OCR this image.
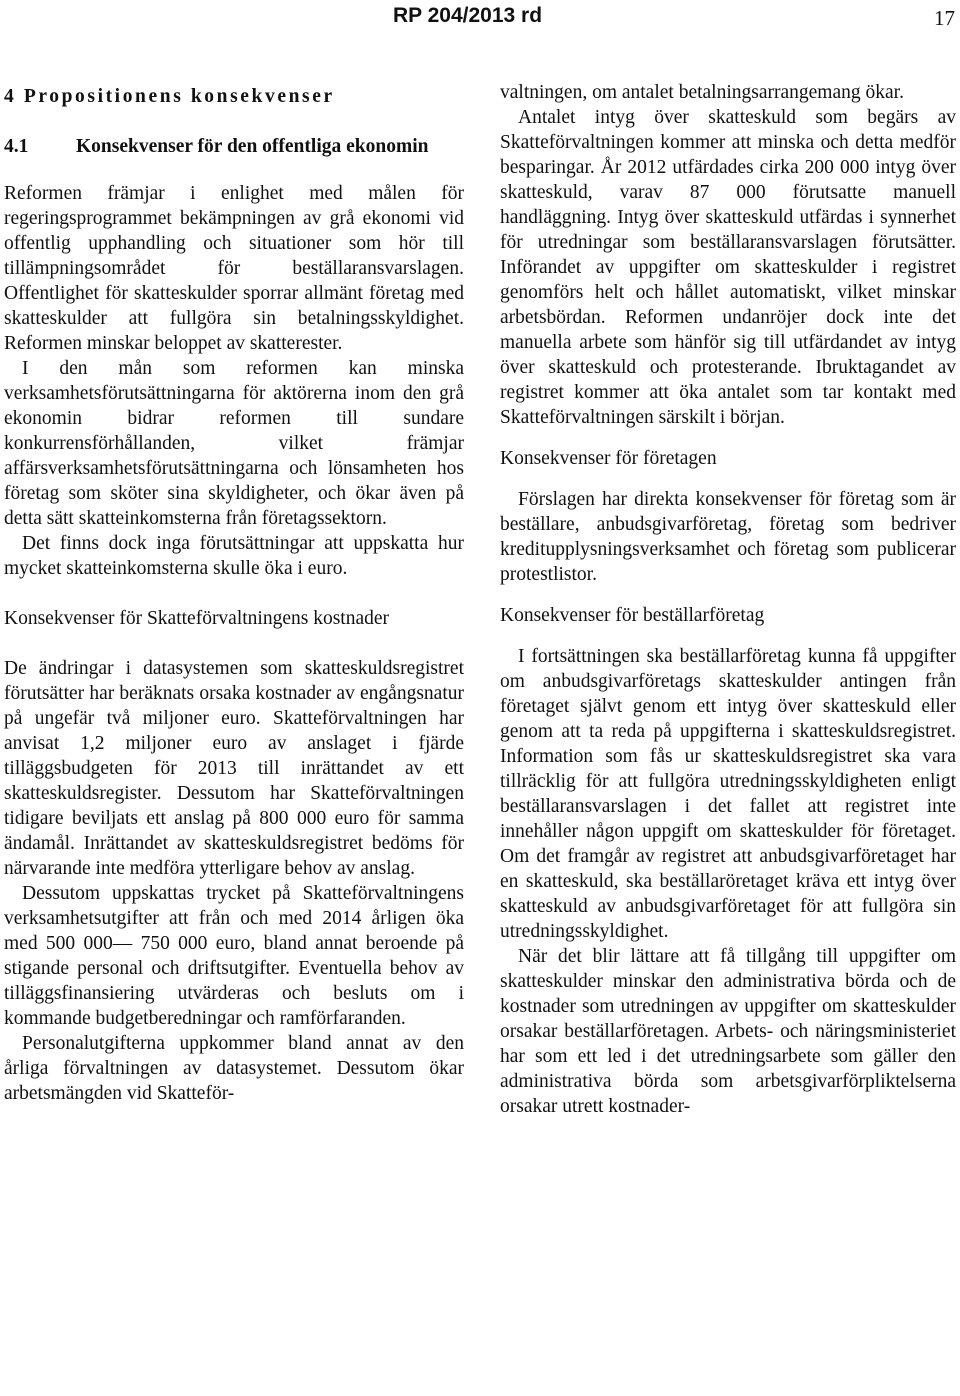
RP 204/2013 rd	17
4 Propositionens konsekvenser
4.1 Konsekvenser för den offentliga ekonomin

Reformen främjar i enlighet med målen för regeringsprogrammet bekämpningen av grå ekonomi vid offentlig upphandling och situationer som hör till tillämpningsområdet för beställaransvarslagen. Offentlighet för skatteskulder sporrar allmänt företag med skatteskulder att fullgöra sin betalningsskyldighet. Reformen minskar beloppet av skatterester.

I den mån som reformen kan minska verksamhetsförutsättningarna för aktörerna inom den grå ekonomin bidrar reformen till sundare konkurrensförhållanden, vilket främjar affärsverksamhetsförutsättningarna och lönsamheten hos företag som sköter sina skyldigheter, och ökar även på detta sätt skatteinkomsterna från företagssektorn.

Det finns dock inga förutsättningar att uppskatta hur mycket skatteinkomsterna skulle öka i euro.

Konsekvenser för Skatteförvaltningens kostnader

De ändringar i datasystemen som skatteskuldsregistret förutsätter har beräknats orsaka kostnader av engångsnatur på ungefär två miljoner euro. Skatteförvaltningen har anvisat 1,2 miljoner euro av anslaget i fjärde tilläggsbudgeten för 2013 till inrättandet av ett skatteskuldsregister. Dessutom har Skatteförvaltningen tidigare beviljats ett anslag på 800 000 euro för samma ändamål. Inrättandet av skatteskuldsregistret bedöms för närvarande inte medföra ytterligare behov av anslag.

Dessutom uppskattas trycket på Skatteförvaltningens verksamhetsutgifter att från och med 2014 årligen öka med 500 000— 750 000 euro, bland annat beroende på stigande personal och driftsutgifter. Eventuella behov av tilläggsfinansiering utvärderas och besluts om i kommande budgetberedningar och ramförfaranden.

Personalutgifterna uppkommer bland annat av den årliga förvaltningen av datasystemet. Dessutom ökar arbetsmängden vid Skatteför-

valtningen, om antalet betalningsarrangemang ökar.

Antalet intyg över skatteskuld som begärs av Skatteförvaltningen kommer att minska och detta medför besparingar. År 2012 utfärdades cirka 200 000 intyg över skatteskuld, varav 87 000 förutsatte manuell handläggning. Intyg över skatteskuld utfärdas i synnerhet för utredningar som beställaransvarslagen förutsätter. Införandet av uppgifter om skatteskulder i registret genomförs helt och hållet automatiskt, vilket minskar arbetsbördan. Reformen undanröjer dock inte det manuella arbete som hänför sig till utfärdandet av intyg över skatteskuld och protesterande. Ibruktagandet av registret kommer att öka antalet som tar kontakt med Skatteförvaltningen särskilt i början.

Konsekvenser för företagen

Förslagen har direkta konsekvenser för företag som är beställare, anbudsgivarföretag, företag som bedriver kreditupplysningsverksamhet och företag som publicerar protestlistor.

Konsekvenser för beställarföretag

I fortsättningen ska beställarföretag kunna få uppgifter om anbudsgivarföretags skatteskulder antingen från företaget självt genom ett intyg över skatteskuld eller genom att ta reda på uppgifterna i skatteskuldsregistret. Information som fås ur skatteskuldsregistret ska vara tillräcklig för att fullgöra utredningsskyldigheten enligt beställaransvarslagen i det fallet att registret inte innehåller någon uppgift om skatteskulder för företaget. Om det framgår av registret att anbudsgivarföretaget har en skatteskuld, ska beställaröretaget kräva ett intyg över skatteskuld av anbudsgivarföretaget för att fullgöra sin utredningsskyldighet.

När det blir lättare att få tillgång till uppgifter om skatteskulder minskar den administrativa börda och de kostnader som utredningen av uppgifter om skatteskulder orsakar beställarföretagen. Arbets- och näringsministeriet har som ett led i det utredningsarbete som gäller den administrativa börda som arbetsgivarförpliktelserna orsakar utrett kostnader-
